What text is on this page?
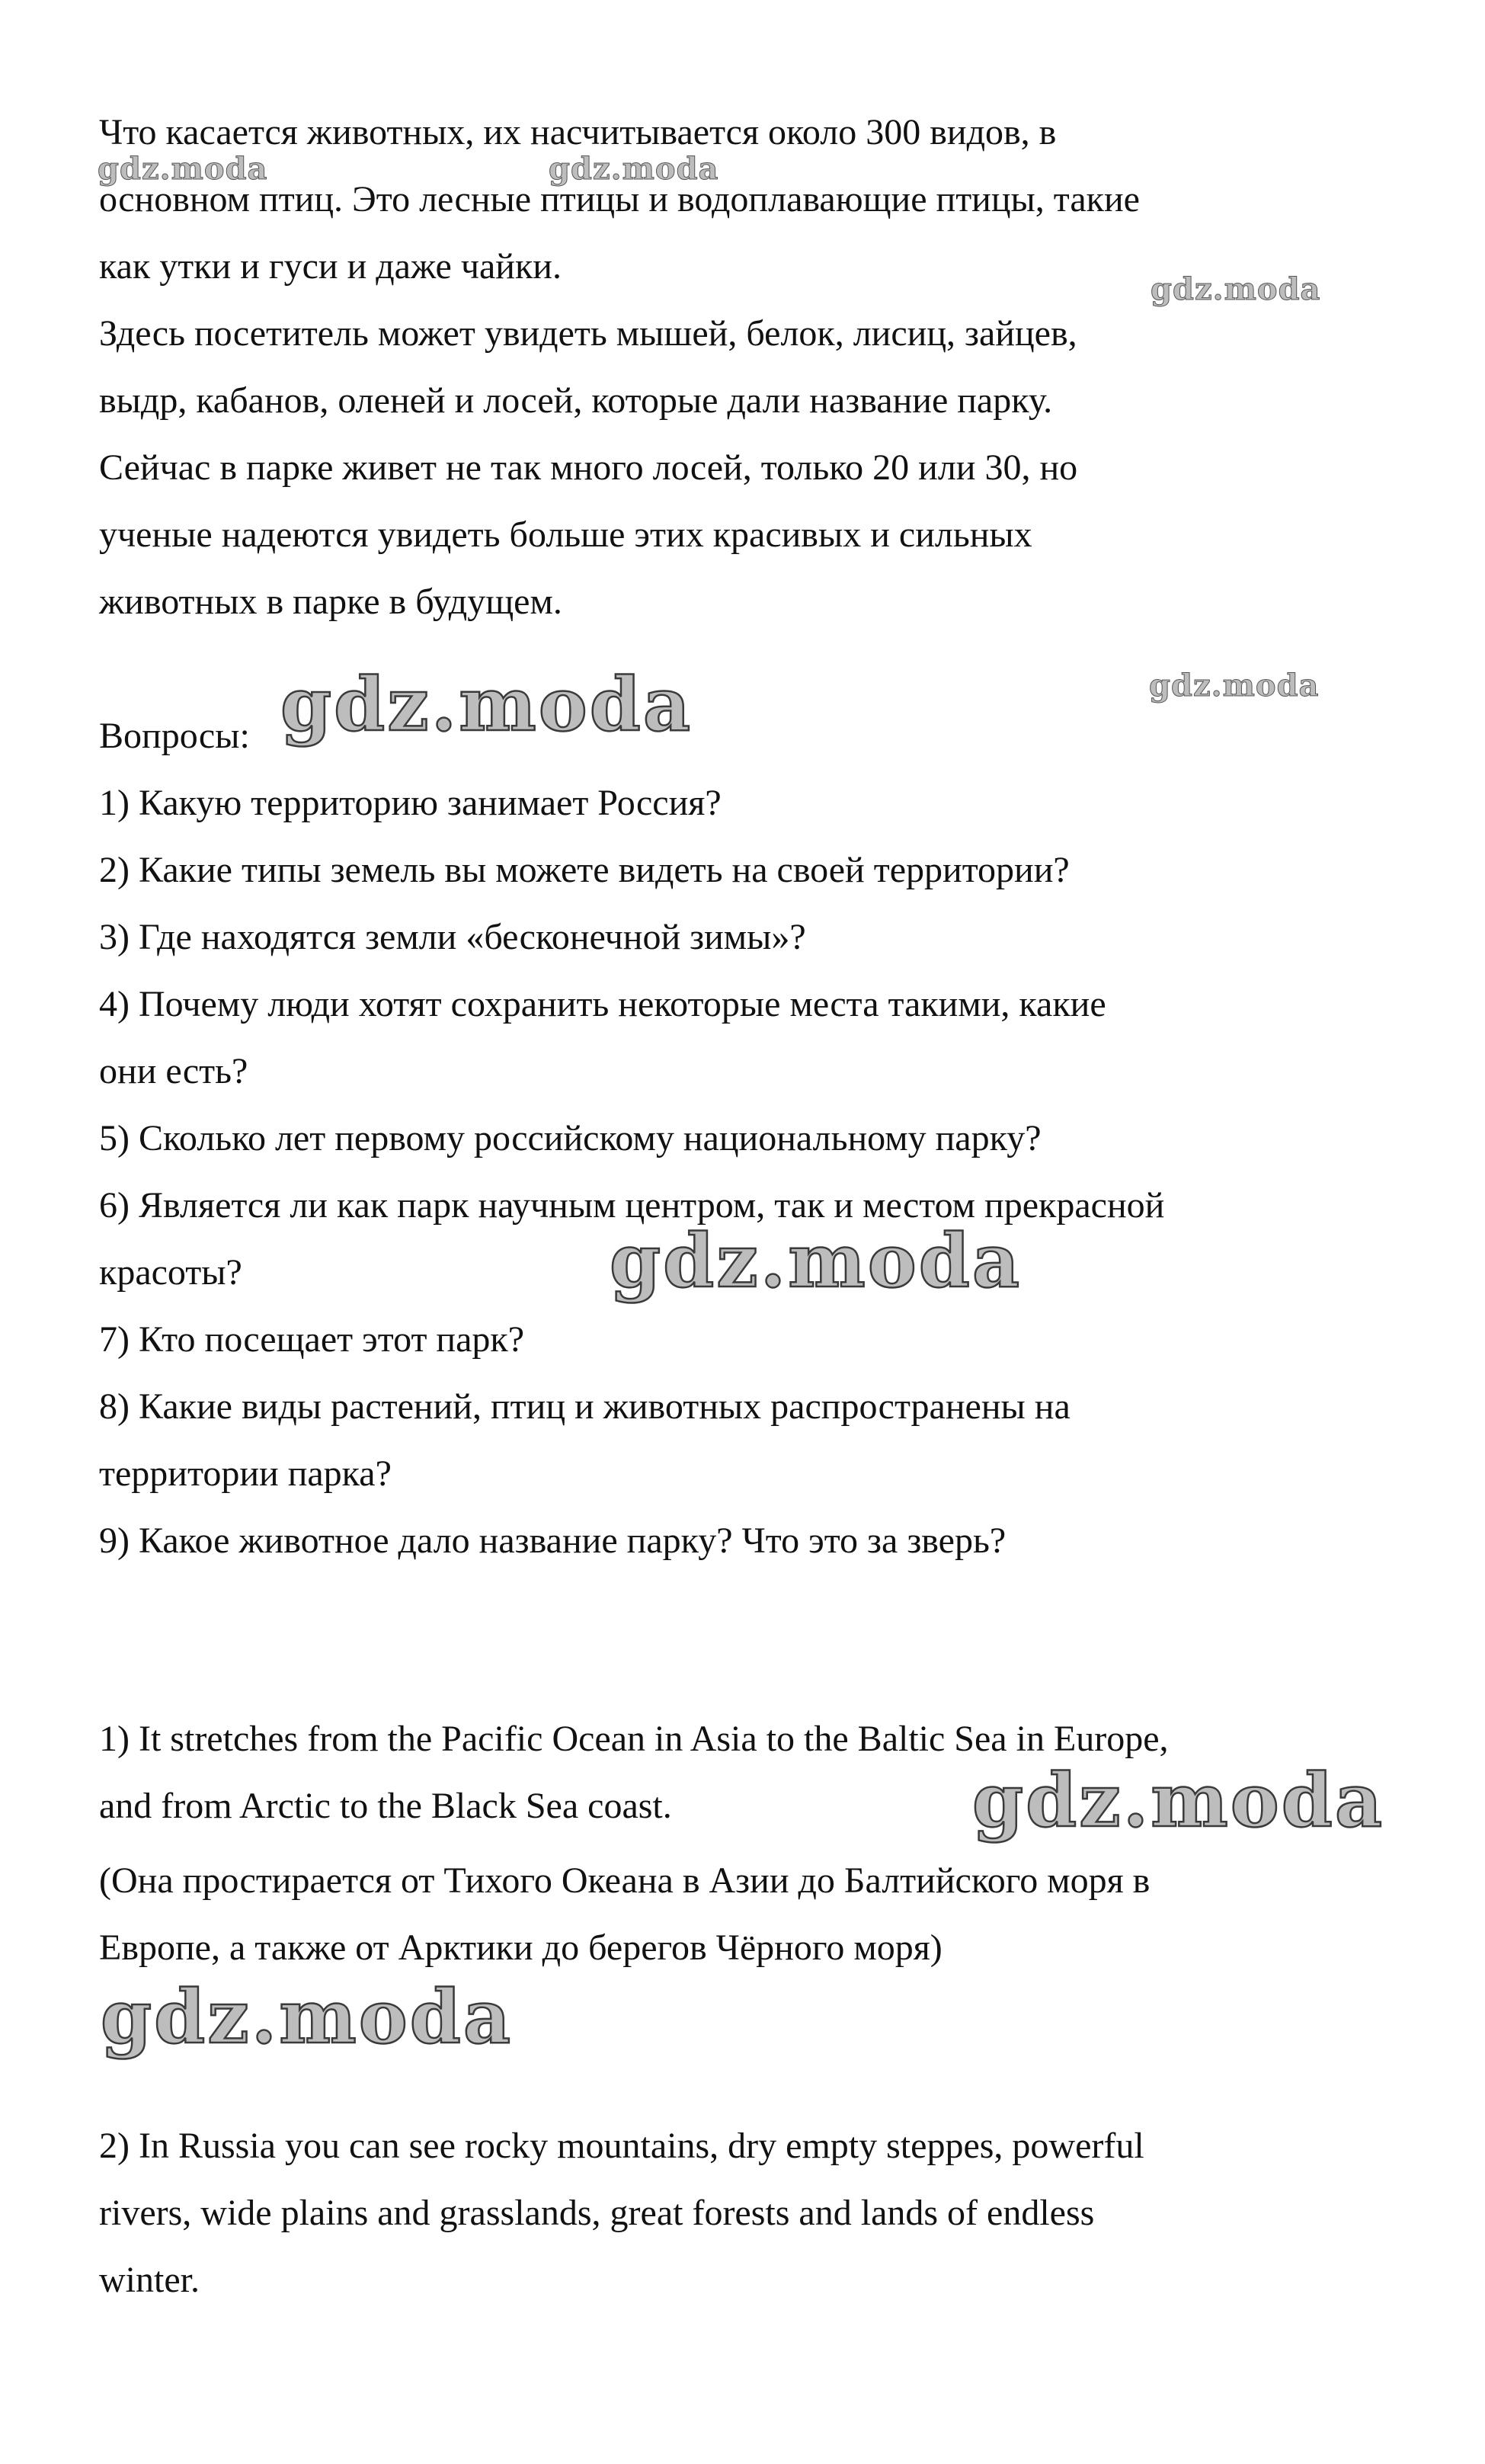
Что касается животных, их насчитывается около 300 видов, в
основном птиц. Это лесные птицы и водоплавающие птицы, такие
как утки и гуси и даже чайки.
Здесь посетитель может увидеть мышей, белок, лисиц, зайцев,
выдр, кабанов, оленей и лосей, которые дали название парку.
Сейчас в парке живет не так много лосей, только 20 или 30, но
ученые надеются увидеть больше этих красивых и сильных
животных в парке в будущем.
Вопросы:
1) Какую территорию занимает Россия?
2) Какие типы земель вы можете видеть на своей территории?
3) Где находятся земли «бесконечной зимы»?
4) Почему люди хотят сохранить некоторые места такими, какие
они есть?
5) Сколько лет первому российскому национальному парку?
6) Является ли как парк научным центром, так и местом прекрасной
красоты?
7) Кто посещает этот парк?
8) Какие виды растений, птиц и животных распространены на
территории парка?
9) Какое животное дало название парку? Что это за зверь?
1) It stretches from the Pacific Ocean in Asia to the Baltic Sea in Europe,
and from Arctic to the Black Sea coast.
(Она простирается от Тихого Океана в Азии до Балтийского моря в
Европе, а также от Арктики до берегов Чёрного моря)
2) In Russia you can see rocky mountains, dry empty steppes, powerful
rivers, wide plains and grasslands, great forests and lands of endless
winter.
gdz.moda	gdz.moda
gdz.moda
gdz.moda
gdz.moda
gdz.moda
gdz.moda
gdz.moda
